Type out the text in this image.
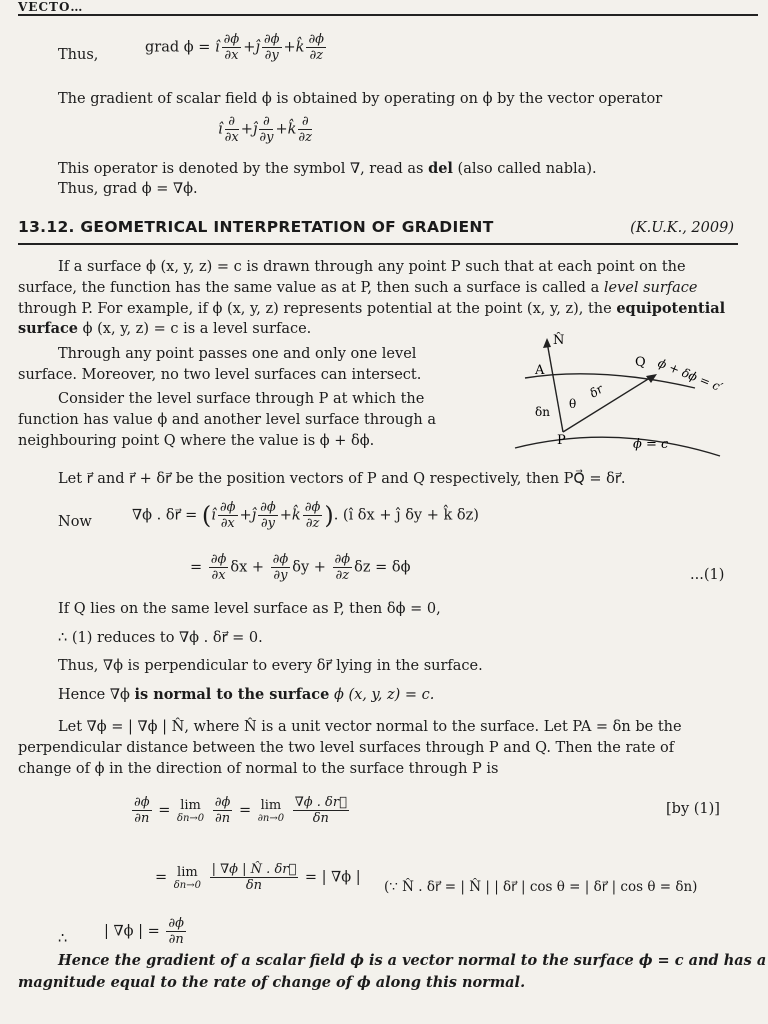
VECTO…
Thus,	grad ϕ = î $\frac{\partial\phi}{\partial x}$ +ĵ $\frac{\partial\phi}{\partial y}$ +k̂ $\frac{\partial\phi}{\partial z}$
The gradient of scalar field ϕ is obtained by operating on ϕ by the vector operator
î $\frac{\partial}{\partial x}$ +ĵ $\frac{\partial}{\partial y}$ +k̂ $\frac{\partial}{\partial z}$
This operator is denoted by the symbol ∇, read as del (also called nabla).
Thus, grad ϕ = ∇ϕ.
13.12. GEOMETRICAL INTERPRETATION OF GRADIENT	(K.U.K., 2009)
If a surface ϕ (x, y, z) = c is drawn through any point P such that at each point on the
surface, the function has the same value as at P, then such a surface is called a level surface
through P. For example, if ϕ (x, y, z) represents potential at the point (x, y, z), the equipotential
surface ϕ (x, y, z) = c is a level surface.
Through any point passes one and only one level
surface. Moreover, no two level surfaces can intersect.
Consider the level surface through P at which the
function has value ϕ and another level surface through a
neighbouring point Q where the value is ϕ + δϕ.
N̂
A
Q ϕ + δϕ = c′
δr
θ
δn
P	ϕ = c
Let r⃗ and r⃗ + δr⃗ be the position vectors of P and Q respectively, then PQ⃗ = δr⃗.
Now	∇ϕ . δr⃗ = (î $\frac{\partial\phi}{\partial x}$ +ĵ $\frac{\partial\phi}{\partial y}$ +k̂ $\frac{\partial\phi}{\partial z}$ ). (î δx + ĵ δy + k̂ δz)
= $\frac{\partial\phi}{\partial x}$ $\delta x + \frac{\partial\phi}{\partial y}$ $\delta y + \frac{\partial\phi}{\partial z}$ δz = δϕ	...(1)
If Q lies on the same level surface as P, then δϕ = 0,
∴ (1) reduces to ∇ϕ . δr⃗ = 0.
Thus, ∇ϕ is perpendicular to every δr⃗ lying in the surface.
Hence ∇ϕ is normal to the surface ϕ (x, y, z) = c.
Let ∇ϕ = | ∇ϕ | N̂, where N̂ is a unit vector normal to the surface. Let PA = δn be the
perpendicular distance between the two level surfaces through P and Q. Then the rate of
change of ϕ in the direction of normal to the surface through P is
$\frac{\partial\phi}{\partial n} = \lim$
δn→0
$\frac{\partial\phi}{\partial n} = \lim$
∂n→0
$\frac{\nabla\phi . \delta r⃗}{\delta n}$	[by (1)]
= lim
δn→0
$\frac{| \nabla\phi | N̂ . \delta r⃗}{\delta n}$ = | ∇ϕ |
(∵ N̂ . δr⃗ = | N̂ | | δr⃗ | cos θ = | δr⃗ | cos θ = δn)
∴	| ∇ϕ | = $\frac{\partial\phi}{\partial n}$
Hence the gradient of a scalar field ϕ is a vector normal to the surface ϕ = c and has a
magnitude equal to the rate of change of ϕ along this normal.
